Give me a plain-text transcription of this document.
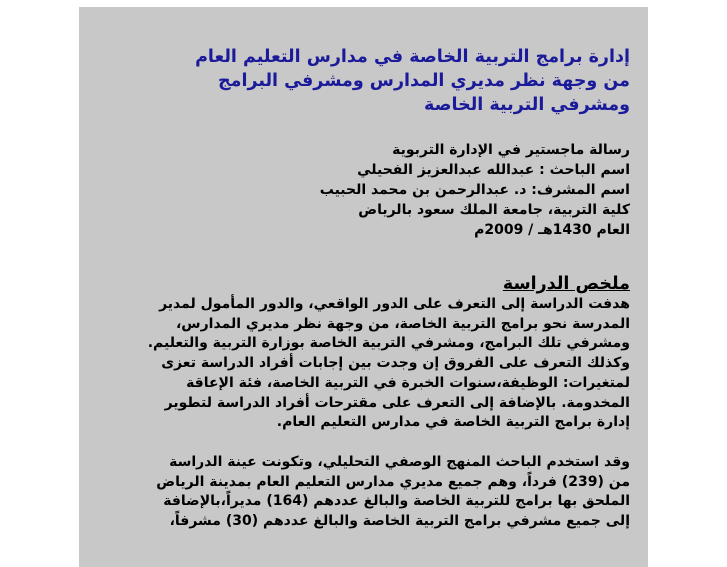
إدارة برامج التربية الخاصة في مدارس التعليم العام
من وجهة نظر مديري المدارس ومشرفي البرامج
ومشرفي التربية الخاصة
رسالة ماجستير في الإدارة التربوية
اسم الباحث : عبدالله عبدالعزيز الفحيلي
اسم المشرف: د. عبدالرحمن بن محمد الحبيب
كلية التربية، جامعة الملك سعود بالرياض
العام 1430هـ / 2009م
ملخص الدراسة

هدفت الدراسة إلى التعرف على الدور الواقعي، والدور المأمول لمدير
المدرسة نحو برامج التربية الخاصة، من وجهة نظر مديري المدارس،
ومشرفي تلك البرامج، ومشرفي التربية الخاصة بوزارة التربية والتعليم.
وكذلك التعرف على الفروق إن وجدت بين إجابات أفراد الدراسة تعزى
لمتغيرات: الوظيفة،سنوات الخبرة في التربية الخاصة، فئة الإعاقة
المخدومة. بالإضافة إلى التعرف على مقترحات أفراد الدراسة لتطوير
إدارة برامج التربية الخاصة في مدارس التعليم العام.

وقد استخدم الباحث المنهج الوصفي التحليلي، وتكونت عينة الدراسة
من (239) فرداً، وهم جميع مديري مدارس التعليم العام بمدينة الرياض
الملحق بها برامج للتربية الخاصة والبالغ عددهم (164) مديراً،بالإضافة
إلى جميع مشرفي برامج التربية الخاصة والبالغ عددهم (30) مشرفاً،
